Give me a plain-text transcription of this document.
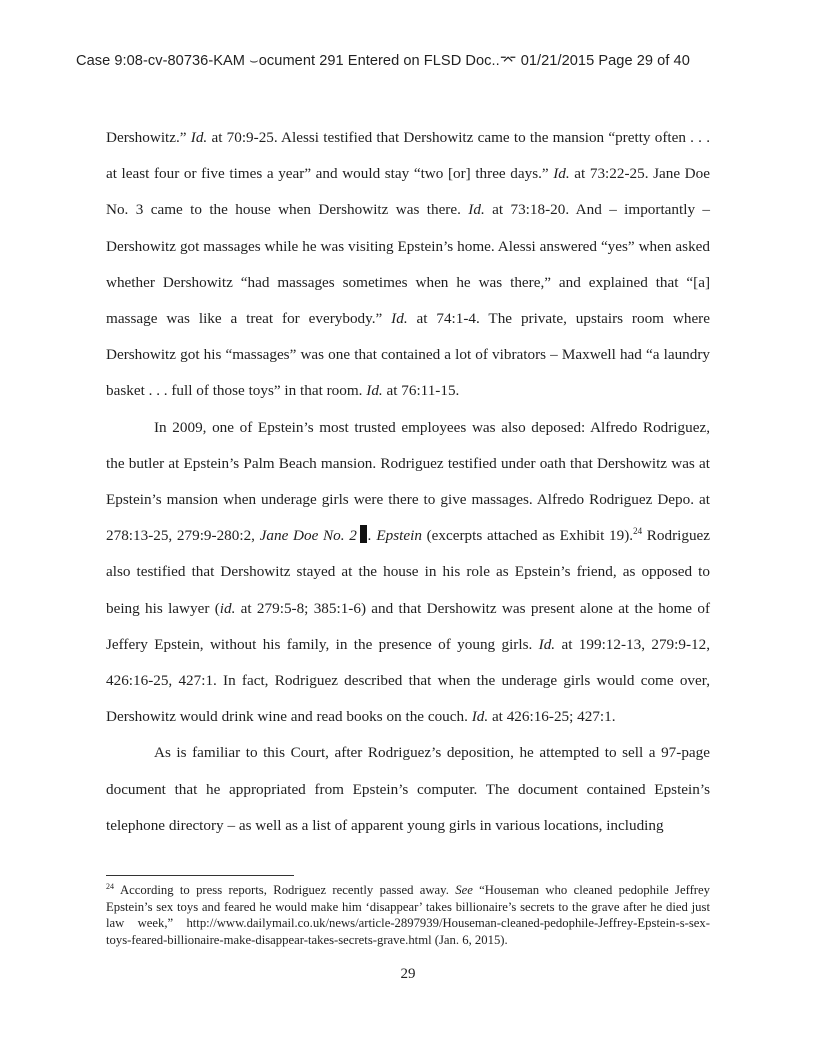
Case 9:08-cv-80736-KAM ⌣ocument 291 Entered on FLSD Doc..⌤ 01/21/2015 Page 29 of 40

Dershowitz.” Id. at 70:9-25. Alessi testified that Dershowitz came to the mansion “pretty often . . . at least four or five times a year” and would stay “two [or] three days.” Id. at 73:22-25. Jane Doe No. 3 came to the house when Dershowitz was there. Id. at 73:18-20. And – importantly – Dershowitz got massages while he was visiting Epstein’s home. Alessi answered “yes” when asked whether Dershowitz “had massages sometimes when he was there,” and explained that “[a] massage was like a treat for everybody.” Id. at 74:1-4. The private, upstairs room where Dershowitz got his “massages” was one that contained a lot of vibrators – Maxwell had “a laundry basket . . . full of those toys” in that room. Id. at 76:11-15.

In 2009, one of Epstein’s most trusted employees was also deposed: Alfredo Rodriguez, the butler at Epstein’s Palm Beach mansion. Rodriguez testified under oath that Dershowitz was at Epstein’s mansion when underage girls were there to give massages. Alfredo Rodriguez Depo. at 278:13-25, 279:9-280:2, Jane Doe No. 2 . Epstein (excerpts attached as Exhibit 19).$^{24}$ Rodriguez also testified that Dershowitz stayed at the house in his role as Epstein’s friend, as opposed to being his lawyer (id. at 279:5-8; 385:1-6) and that Dershowitz was present alone at the home of Jeffery Epstein, without his family, in the presence of young girls. Id. at 199:12-13, 279:9-12, 426:16-25, 427:1. In fact, Rodriguez described that when the underage girls would come over, Dershowitz would drink wine and read books on the couch. Id. at 426:16-25; 427:1.

As is familiar to this Court, after Rodriguez’s deposition, he attempted to sell a 97-page document that he appropriated from Epstein’s computer. The document contained Epstein’s telephone directory – as well as a list of apparent young girls in various locations, including

$^{24}$ According to press reports, Rodriguez recently passed away. See “Houseman who cleaned pedophile Jeffrey Epstein’s sex toys and feared he would make him ‘disappear’ takes billionaire’s secrets to the grave after he died just law week,” http://www.dailymail.co.uk/news/article-2897939/Houseman-cleaned-pedophile-Jeffrey-Epstein-s-sex-toys-feared-billionaire-make-disappear-takes-secrets-grave.html (Jan. 6, 2015).
29
